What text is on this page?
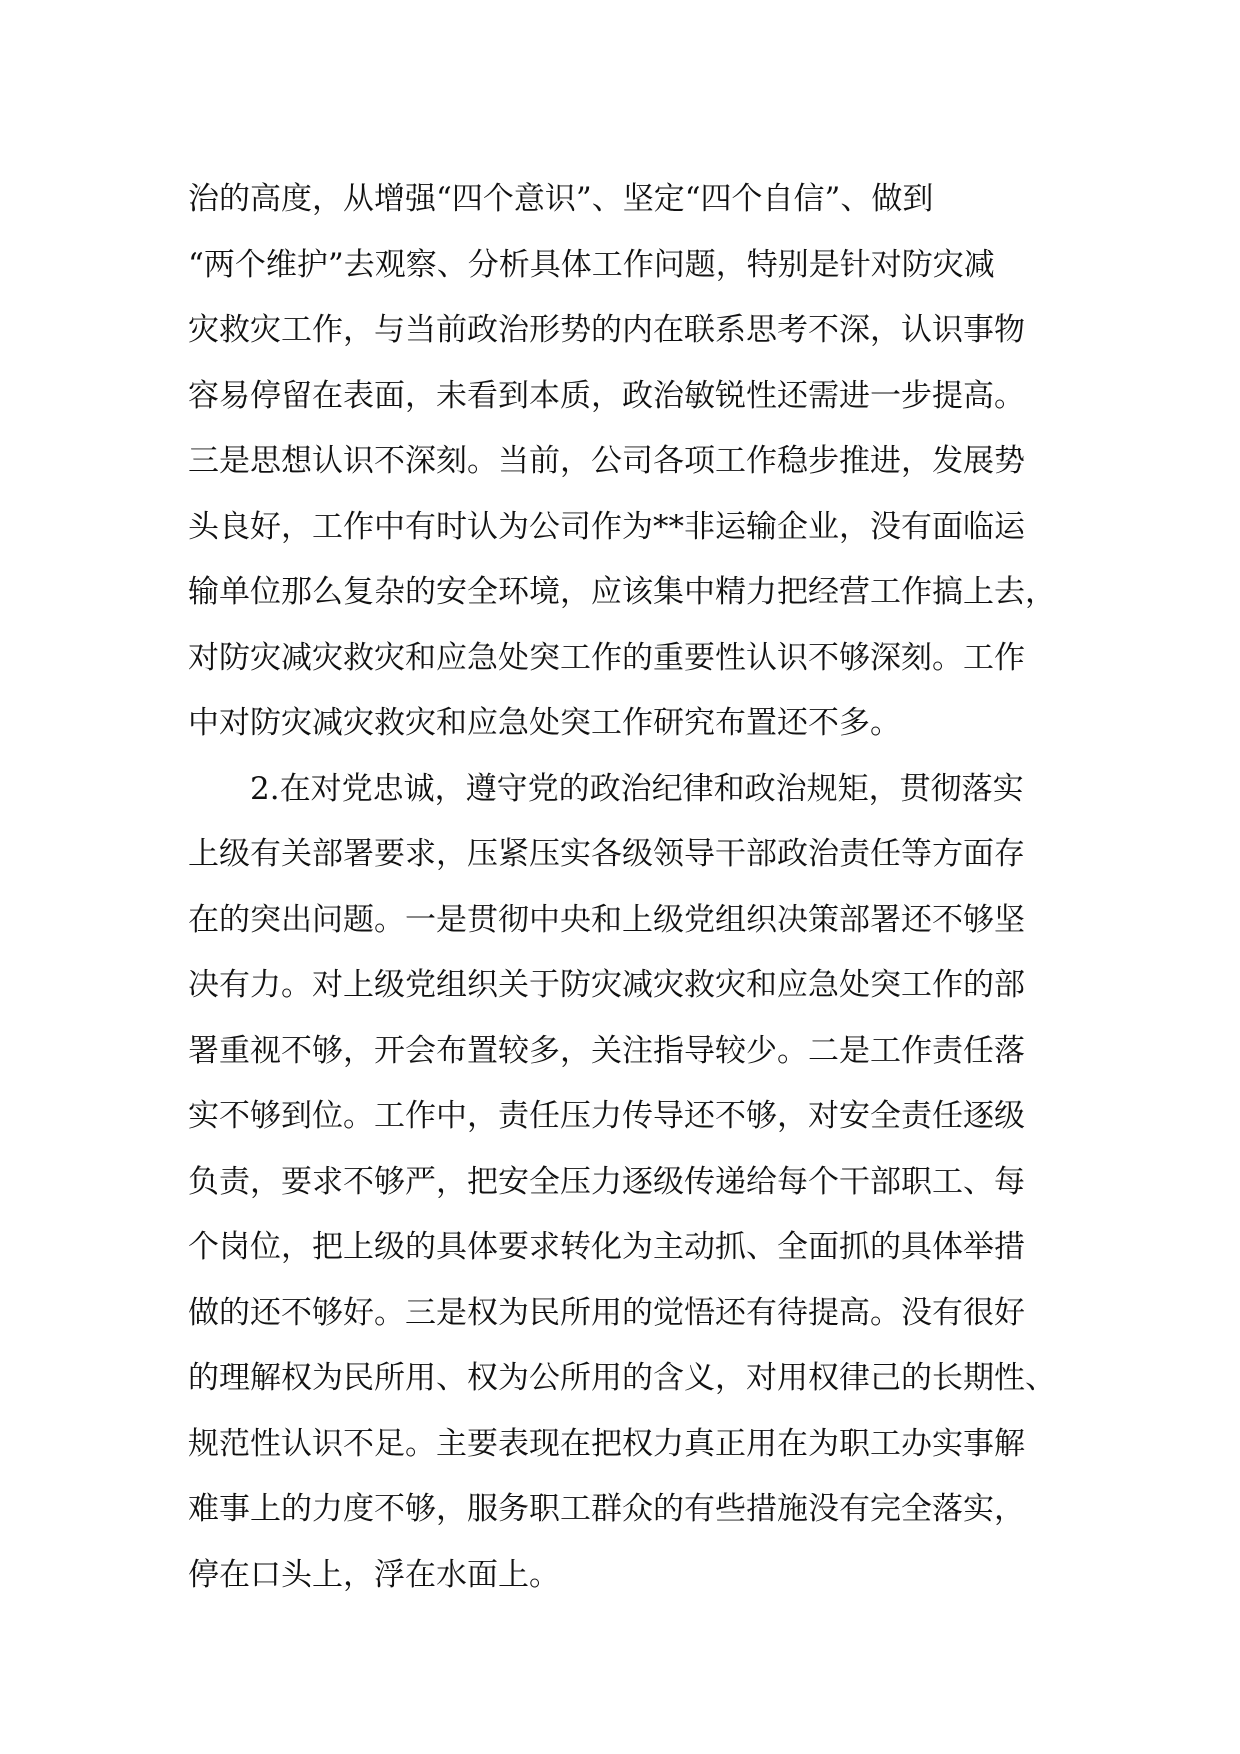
治的高度，从增强“四个意识”、坚定“四个自信”、做到
“两个维护”去观察、分析具体工作问题，特别是针对防灾减
灾救灾工作，与当前政治形势的内在联系思考不深，认识事物
容易停留在表面，未看到本质，政治敏锐性还需进一步提高。
三是思想认识不深刻。当前，公司各项工作稳步推进，发展势
头良好，工作中有时认为公司作为**非运输企业，没有面临运
输单位那么复杂的安全环境，应该集中精力把经营工作搞上去，
对防灾减灾救灾和应急处突工作的重要性认识不够深刻。工作
中对防灾减灾救灾和应急处突工作研究布置还不多。
2.在对党忠诚，遵守党的政治纪律和政治规矩，贯彻落实
上级有关部署要求，压紧压实各级领导干部政治责任等方面存
在的突出问题。一是贯彻中央和上级党组织决策部署还不够坚
决有力。对上级党组织关于防灾减灾救灾和应急处突工作的部
署重视不够，开会布置较多，关注指导较少。二是工作责任落
实不够到位。工作中，责任压力传导还不够，对安全责任逐级
负责，要求不够严，把安全压力逐级传递给每个干部职工、每
个岗位，把上级的具体要求转化为主动抓、全面抓的具体举措
做的还不够好。三是权为民所用的觉悟还有待提高。没有很好
的理解权为民所用、权为公所用的含义，对用权律己的长期性、
规范性认识不足。主要表现在把权力真正用在为职工办实事解
难事上的力度不够，服务职工群众的有些措施没有完全落实，
停在口头上，浮在水面上。
